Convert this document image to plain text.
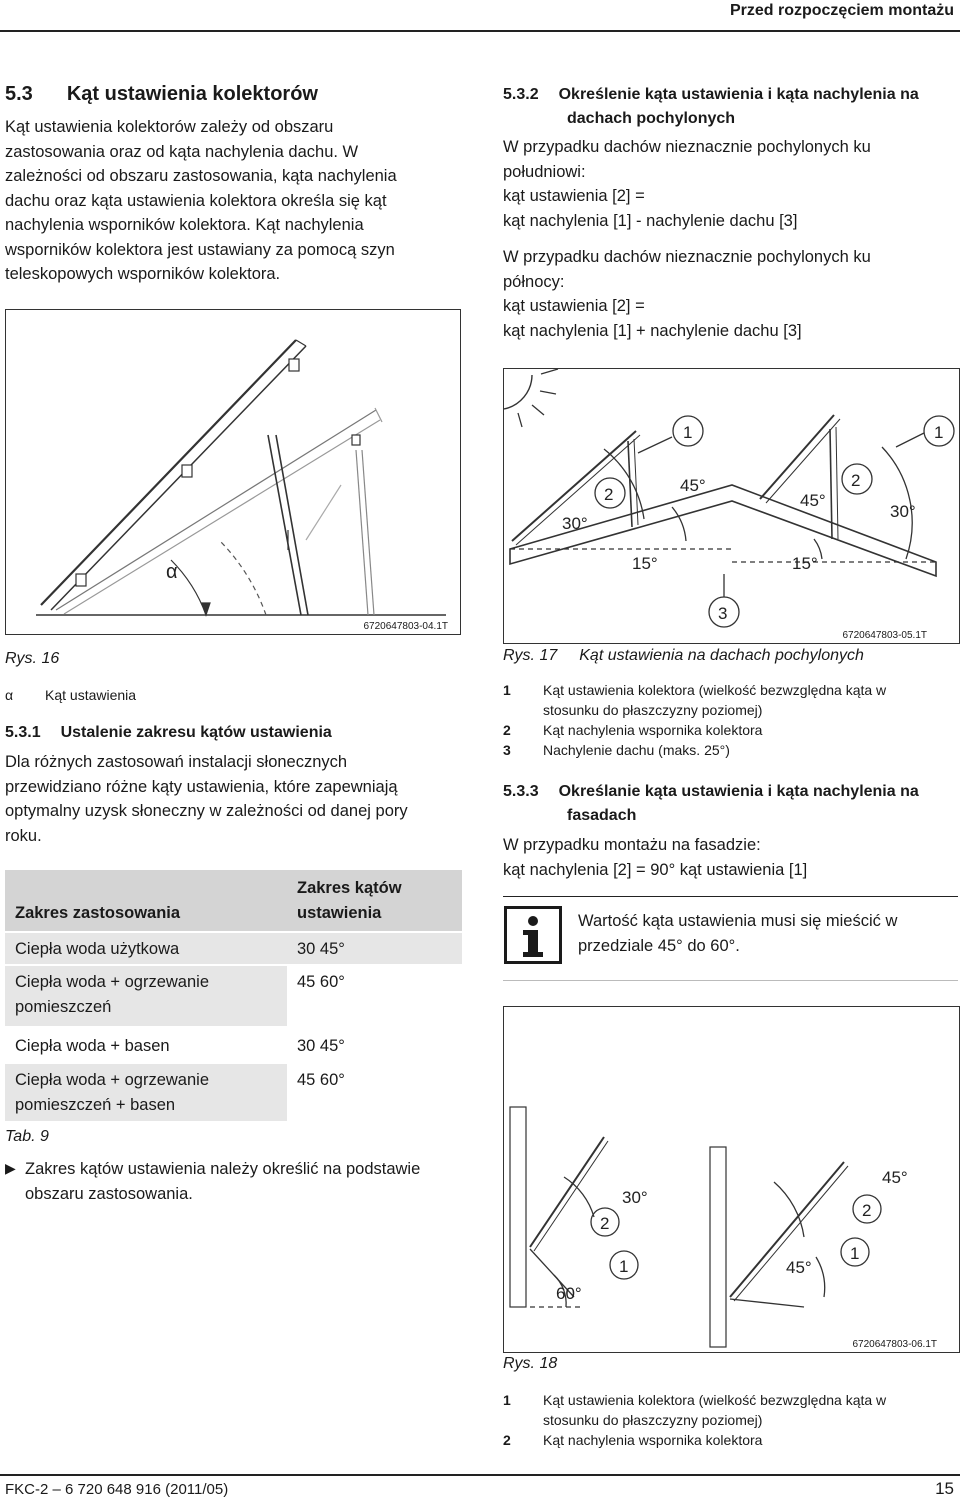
Przed rozpoczęciem montażu
5.3 Kąt ustawienia kolektorów
Kąt ustawienia kolektorów zależy od obszaru
zastosowania oraz od kąta nachylenia dachu. W
zależności od obszaru zastosowania, kąta nachylenia
dachu oraz kąta ustawienia kolektora określa się kąt
nachylenia wsporników kolektora. Kąt nachylenia
wsporników kolektora jest ustawiany za pomocą szyn
teleskopowych wsporników kolektora.
α
6720647803-04.1T
Rys. 16
α Kąt ustawienia
5.3.1 Ustalenie zakresu kątów ustawienia
Dla różnych zastosowań instalacji słonecznych
przewidziano różne kąty ustawienia, które zapewniają
optymalny uzysk słoneczny w zależności od danej pory
roku.
Zakres zastosowania	Zakres kątów
ustawienia

Ciepła woda użytkowa	30 45°

Ciepła woda + ogrzewanie
pomieszczeń	45 60°

Ciepła woda + basen	30 45°

Ciepła woda + ogrzewanie
pomieszczeń + basen	45 60°
Tab. 9
▶ Zakres kątów ustawienia należy określić na podstawie
obszaru zastosowania.
5.3.2 Określenie kąta ustawienia i kąta nachylenia na
dachach pochylonych
W przypadku dachów nieznacznie pochylonych ku
południowi:
kąt ustawienia [2] =
kąt nachylenia [1] - nachylenie dachu [3]
W przypadku dachów nieznacznie pochylonych ku
północy:
kąt ustawienia [2] =
kąt nachylenia [1] + nachylenie dachu [3]
30°
2	45°
1
15°	15°
45°
2
1
30°
3
6720647803-05.1T
Rys. 17 Kąt ustawienia na dachach pochylonych
1	Kąt ustawienia kolektora (wielkość bezwzględna kąta w
stosunku do płaszczyzny poziomej)
2	Kąt nachylenia wspornika kolektora
3	Nachylenie dachu (maks. 25°)
5.3.3 Określanie kąta ustawienia i kąta nachylenia na
fasadach
W przypadku montażu na fasadzie:
kąt nachylenia [2] = 90° kąt ustawienia [1]
Wartość kąta ustawienia musi się mieścić w
przedziale 45° do 60°.
30°
2
1
60°
45°
2
1
45°
6720647803-06.1T
Rys. 18
1	Kąt ustawienia kolektora (wielkość bezwzględna kąta w
stosunku do płaszczyzny poziomej)
2	Kąt nachylenia wspornika kolektora
FKC-2 – 6 720 648 916 (2011/05)	15
